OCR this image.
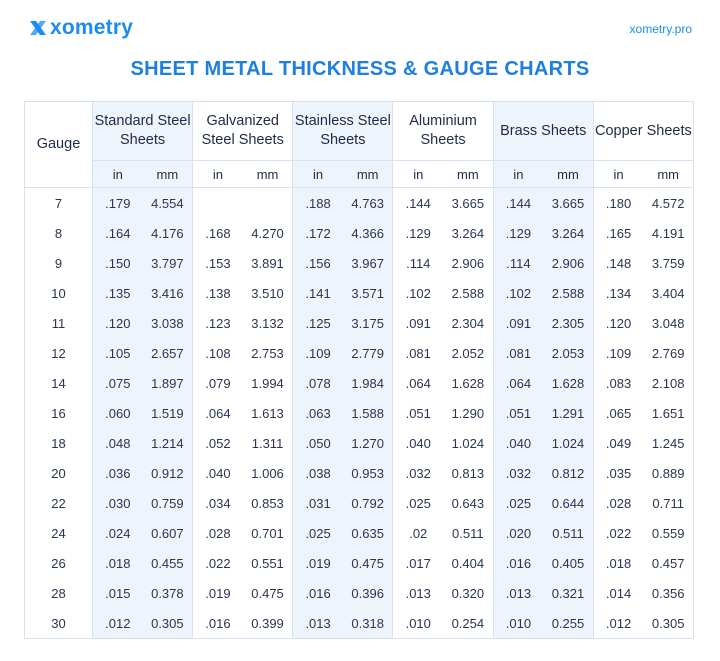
xometry	xometry.pro
SHEET METAL THICKNESS & GAUGE CHARTS
Gauge	Standard Steel Sheets		Galvanized Steel Sheets		Stainless Steel Sheets		Aluminium Sheets		Brass Sheets		Copper Sheets	
	in	mm	in	mm	in	mm	in	mm	in	mm	in	mm
7	.179	4.554			.188	4.763	.144	3.665	.144	3.665	.180	4.572
8	.164	4.176	.168	4.270	.172	4.366	.129	3.264	.129	3.264	.165	4.191
9	.150	3.797	.153	3.891	.156	3.967	.114	2.906	.114	2.906	.148	3.759
10	.135	3.416	.138	3.510	.141	3.571	.102	2.588	.102	2.588	.134	3.404
11	.120	3.038	.123	3.132	.125	3.175	.091	2.304	.091	2.305	.120	3.048
12	.105	2.657	.108	2.753	.109	2.779	.081	2.052	.081	2.053	.109	2.769
14	.075	1.897	.079	1.994	.078	1.984	.064	1.628	.064	1.628	.083	2.108
16	.060	1.519	.064	1.613	.063	1.588	.051	1.290	.051	1.291	.065	1.651
18	.048	1.214	.052	1.311	.050	1.270	.040	1.024	.040	1.024	.049	1.245
20	.036	0.912	.040	1.006	.038	0.953	.032	0.813	.032	0.812	.035	0.889
22	.030	0.759	.034	0.853	.031	0.792	.025	0.643	.025	0.644	.028	0.711
24	.024	0.607	.028	0.701	.025	0.635	.02	0.511	.020	0.511	.022	0.559
26	.018	0.455	.022	0.551	.019	0.475	.017	0.404	.016	0.405	.018	0.457
28	.015	0.378	.019	0.475	.016	0.396	.013	0.320	.013	0.321	.014	0.356
30	.012	0.305	.016	0.399	.013	0.318	.010	0.254	.010	0.255	.012	0.305
